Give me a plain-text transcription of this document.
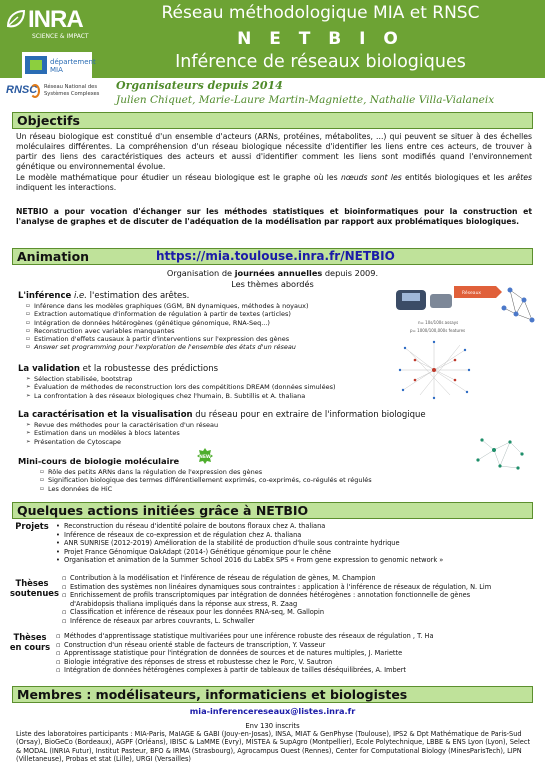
INRA
SCIENCE & IMPACT
département MIA
Réseau méthodologique MIA et RNSC
N E T B I O
Inférence de réseaux biologiques
RNSC Réseau National des Systèmes Complexes
Organisateurs depuis 2014
Julien Chiquet, Marie-Laure Martin-Magniette, Nathalie Villa-Vialaneix
Objectifs
Un réseau biologique est constitué d'un ensemble d'acteurs (ARNs, protéines, métabolites, ...) qui peuvent se situer à des échelles moléculaires différentes. La compréhension d'un réseau biologique nécessite d'identifier les liens entre ces acteurs, de trouver à partir des liens des caractéristiques des acteurs et aussi d'identifier comment les liens sont modifiés quand l'environnement génétique ou environnemental évolue.
Le modèle mathématique pour étudier un réseau biologique est le graphe où les nœuds sont les entités biologiques et les arêtes indiquent les interactions.
NETBIO a pour vocation d'échanger sur les méthodes statistiques et bioinformatiques pour la construction et l'analyse de graphes et de discuter de l'adéquation de la modélisation par rapport aux problématiques biologiques.
Animation	https://mia.toulouse.inra.fr/NETBIO
Organisation de journées annuelles depuis 2009.
Les thèmes abordés
L'inférence i.e. l'estimation des arêtes.
▫ Inférence dans les modèles graphiques (GGM, BN dynamiques, méthodes à noyaux)
▫ Extraction automatique d'information de régulation à partir de textes (articles)
▫ Intégration de données hétérogènes (génétique génomique, RNA-Seq...)
▫ Reconstruction avec variables manquantes
▫ Estimation d'effets causaux à partir d'interventions sur l'expression des gènes
▫ Answer set programming pour l'exploration de l'ensemble des états d'un réseau
n= 10s/100s assays
p= 1000/100,000s features
Réseaux
La validation et la robustesse des prédictions
➢ Sélection stabilisée, bootstrap
➢ Évaluation de méthodes de reconstruction lors des compétitions DREAM (données simulées)
➢ La confrontation à des réseaux biologiques chez l'humain, B. Subtillis et A. thaliana
La caractérisation et la visualisation du réseau pour en extraire de l'information biologique
➢ Revue des méthodes pour la caractérisation d'un réseau
➢ Estimation dans un modèles à blocs latentes
➢ Présentation de Cytoscape
Mini-cours de biologie moléculaire	NEW
▫ Rôle des petits ARNs dans la régulation de l'expression des gènes
▫ Signification biologique des termes différentiellement exprimés, co-exprimés, co-régulés et régulés
▫ Les données de HiC
Quelques actions initiées grâce à NETBIO
Projets	• Reconstruction du réseau d'identité polaire de boutons floraux chez A. thaliana
• Inférence de réseaux de co-expression et de régulation chez A. thaliana
• ANR SUNRISE (2012-2019) Amélioration de la stabilité de production d'huile sous contrainte hydrique
• Projet France Génomique OakAdapt (2014-) Génétique génomique pour le chêne
• Organisation et animation de la Summer School 2016 du LabEx SPS « From gene expression to genomic network »
Thèses soutenues
▫ Contribution à la modélisation et l'inférence de réseau de régulation de gènes, M. Champion
▫ Estimation des systèmes non linéaires dynamiques sous contraintes : application à l'inférence de réseaux de régulation, N. Lim
▫ Enrichissement de profils transcriptomiques par intégration de données hétérogènes : annotation fonctionnelle de gènes
d'Arabidopsis thaliana impliqués dans la réponse aux stress, R. Zaag
▫ Classification et inférence de réseaux pour les données RNA-seq, M. Gallopin
▫ Inférence de réseaux par arbres couvrants, L. Schwaller
Thèses en cours
▫ Méthodes d'apprentissage statistique multivariées pour une inférence robuste des réseaux de régulation , T. Ha
▫ Construction d'un réseau orienté stable de facteurs de transcription, Y. Vasseur
▫ Apprentissage statistique pour l'intégration de données de sources et de natures multiples, J. Mariette
▫ Biologie intégrative des réponses de stress et robustesse chez le Porc, V. Sautron
▫ Intégration de données hétérogènes complexes à partir de tableaux de tailles déséquilibrées, A. Imbert
Membres : modélisateurs, informaticiens et biologistes
mia-inferencereseaux@listes.inra.fr
Env 130 inscrits
Liste des laboratoires participants : MIA-Paris, MaIAGE & GABI (Jouy-en-Josas), INSA, MIAT & GenPhyse (Toulouse), IPS2 & Dpt Mathématique de Paris-Sud (Orsay), BioGeCo (Bordeaux), AGPF (Orléans), IBISC & LaMME (Evry), MISTEA & SupAgro (Montpellier), Ecole Polytechnique, LBBE & ENS Lyon (Lyon), Select & MODAL (INRIA Futur), Institut Pasteur, BFO & IRMA (Strasbourg), Agrocampus Ouest (Rennes), Center for Computational Biology (MinesParisTech), LIPN (Villetaneuse), Probas et stat (Lille), URGI (Versailles)
